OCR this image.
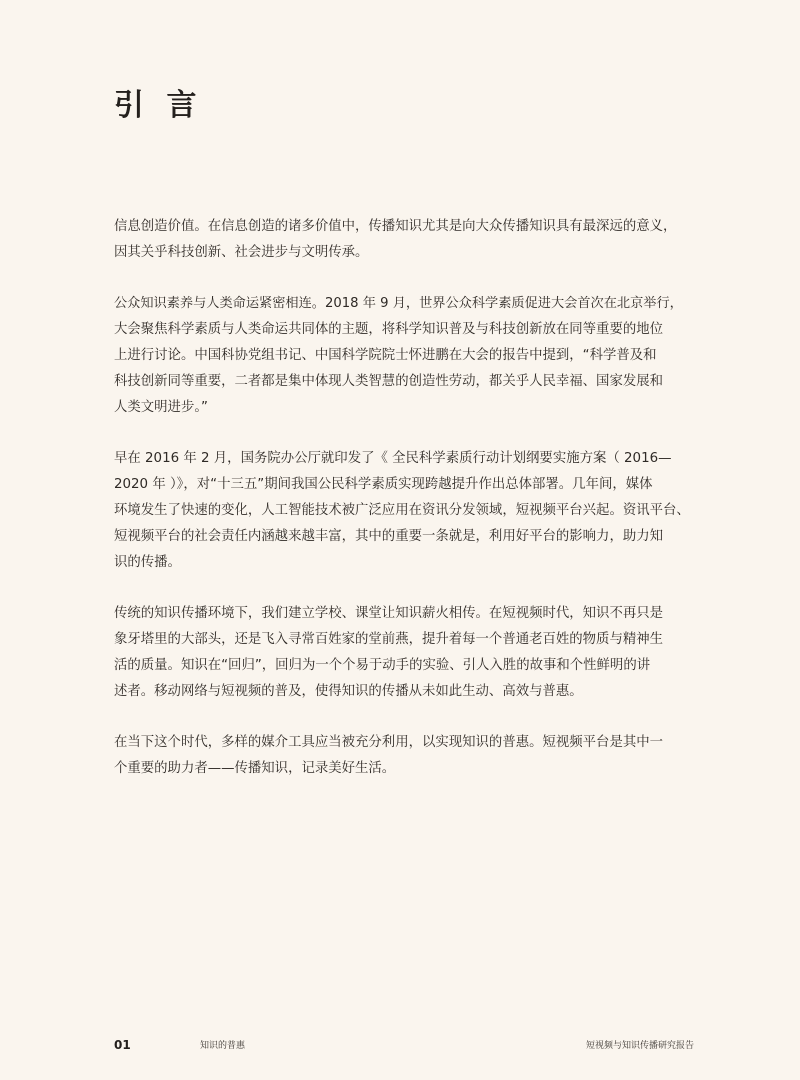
引 言

信息创造价值。在信息创造的诸多价值中，传播知识尤其是向大众传播知识具有最深远的意义，
因其关乎科技创新、社会进步与文明传承。

公众知识素养与人类命运紧密相连。2018 年 9 月，世界公众科学素质促进大会首次在北京举行，
大会聚焦科学素质与人类命运共同体的主题，将科学知识普及与科技创新放在同等重要的地位
上进行讨论。中国科协党组书记、中国科学院院士怀进鹏在大会的报告中提到，“科学普及和
科技创新同等重要，二者都是集中体现人类智慧的创造性劳动，都关乎人民幸福、国家发展和
人类文明进步。”

早在 2016 年 2 月，国务院办公厅就印发了《 全民科学素质行动计划纲要实施方案（ 2016—
2020 年 ）》，对“十三五”期间我国公民科学素质实现跨越提升作出总体部署。几年间，媒体
环境发生了快速的变化，人工智能技术被广泛应用在资讯分发领域，短视频平台兴起。资讯平台、
短视频平台的社会责任内涵越来越丰富，其中的重要一条就是，利用好平台的影响力，助力知
识的传播。

传统的知识传播环境下，我们建立学校、课堂让知识薪火相传。在短视频时代，知识不再只是
象牙塔里的大部头，还是飞入寻常百姓家的堂前燕，提升着每一个普通老百姓的物质与精神生
活的质量。知识在“回归”，回归为一个个易于动手的实验、引人入胜的故事和个性鲜明的讲
述者。移动网络与短视频的普及，使得知识的传播从未如此生动、高效与普惠。

在当下这个时代，多样的媒介工具应当被充分利用，以实现知识的普惠。短视频平台是其中一
个重要的助力者——传播知识，记录美好生活。

01	知识的普惠	短视频与知识传播研究报告
